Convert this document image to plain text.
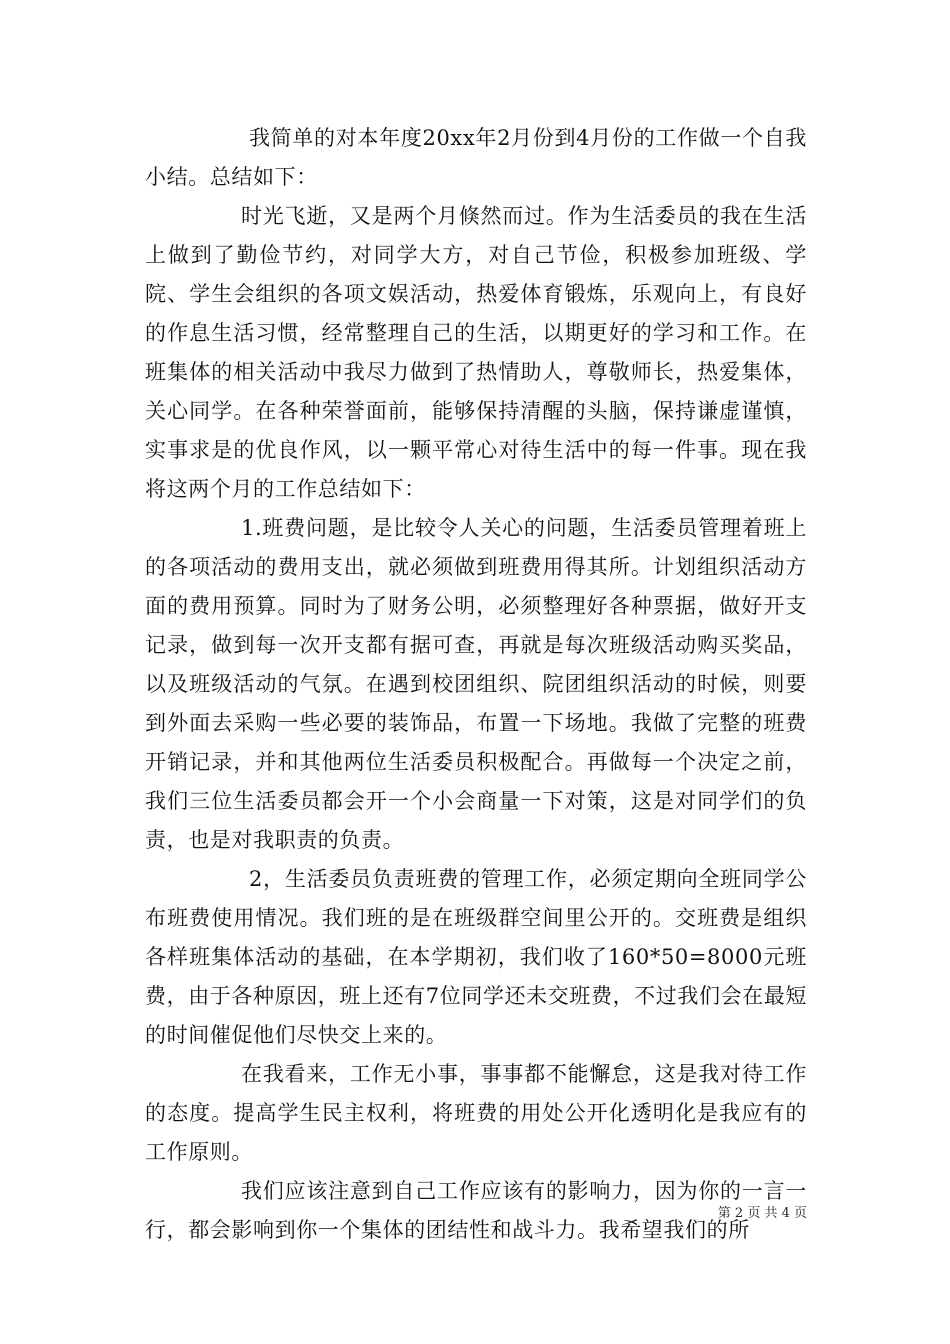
我简单的对本年度20xx年2月份到4月份的工作做一个自我小结。总结如下：

时光飞逝，又是两个月倏然而过。作为生活委员的我在生活上做到了勤俭节约，对同学大方，对自己节俭，积极参加班级、学院、学生会组织的各项文娱活动，热爱体育锻炼，乐观向上，有良好的作息生活习惯，经常整理自己的生活，以期更好的学习和工作。在班集体的相关活动中我尽力做到了热情助人，尊敬师长，热爱集体，关心同学。在各种荣誉面前，能够保持清醒的头脑，保持谦虚谨慎，实事求是的优良作风，以一颗平常心对待生活中的每一件事。现在我将这两个月的工作总结如下：

1.班费问题，是比较令人关心的问题，生活委员管理着班上的各项活动的费用支出，就必须做到班费用得其所。计划组织活动方面的费用预算。同时为了财务公明，必须整理好各种票据，做好开支记录，做到每一次开支都有据可查，再就是每次班级活动购买奖品，以及班级活动的气氛。在遇到校团组织、院团组织活动的时候，则要到外面去采购一些必要的装饰品，布置一下场地。我做了完整的班费开销记录，并和其他两位生活委员积极配合。再做每一个决定之前，我们三位生活委员都会开一个小会商量一下对策，这是对同学们的负责，也是对我职责的负责。

2，生活委员负责班费的管理工作，必须定期向全班同学公布班费使用情况。我们班的是在班级群空间里公开的。交班费是组织各样班集体活动的基础，在本学期初，我们收了160*50=8000元班费，由于各种原因，班上还有7位同学还未交班费，不过我们会在最短的时间催促他们尽快交上来的。

在我看来，工作无小事，事事都不能懈怠，这是我对待工作的态度。提高学生民主权利，将班费的用处公开化透明化是我应有的工作原则。

我们应该注意到自己工作应该有的影响力，因为你的一言一行，都会影响到你一个集体的团结性和战斗力。我希望我们的所

第 2 页 共 4 页
